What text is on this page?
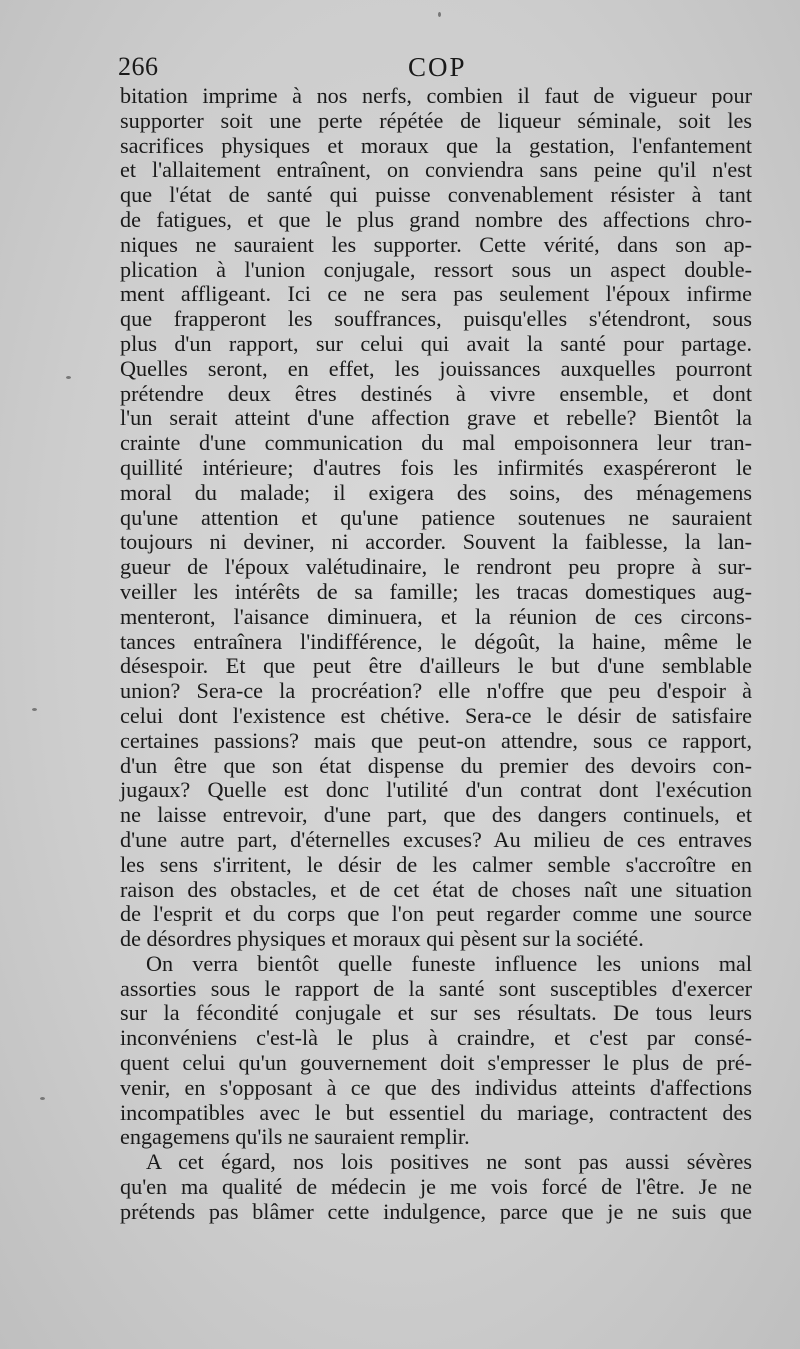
266	COP
bitation imprime à nos nerfs, combien il faut de vigueur pour
supporter soit une perte répétée de liqueur séminale, soit les
sacrifices physiques et moraux que la gestation, l'enfantement
et l'allaitement entraînent, on conviendra sans peine qu'il n'est
que l'état de santé qui puisse convenablement résister à tant
de fatigues, et que le plus grand nombre des affections chro-
niques ne sauraient les supporter. Cette vérité, dans son ap-
plication à l'union conjugale, ressort sous un aspect double-
ment affligeant. Ici ce ne sera pas seulement l'époux infirme
que frapperont les souffrances, puisqu'elles s'étendront, sous
plus d'un rapport, sur celui qui avait la santé pour partage.
Quelles seront, en effet, les jouissances auxquelles pourront
prétendre deux êtres destinés à vivre ensemble, et dont
l'un serait atteint d'une affection grave et rebelle? Bientôt la
crainte d'une communication du mal empoisonnera leur tran-
quillité intérieure; d'autres fois les infirmités exaspéreront le
moral du malade; il exigera des soins, des ménagemens
qu'une attention et qu'une patience soutenues ne sauraient
toujours ni deviner, ni accorder. Souvent la faiblesse, la lan-
gueur de l'époux valétudinaire, le rendront peu propre à sur-
veiller les intérêts de sa famille; les tracas domestiques aug-
menteront, l'aisance diminuera, et la réunion de ces circons-
tances entraînera l'indifférence, le dégoût, la haine, même le
désespoir. Et que peut être d'ailleurs le but d'une semblable
union? Sera-ce la procréation? elle n'offre que peu d'espoir à
celui dont l'existence est chétive. Sera-ce le désir de satisfaire
certaines passions? mais que peut-on attendre, sous ce rapport,
d'un être que son état dispense du premier des devoirs con-
jugaux? Quelle est donc l'utilité d'un contrat dont l'exécution
ne laisse entrevoir, d'une part, que des dangers continuels, et
d'une autre part, d'éternelles excuses? Au milieu de ces entraves
les sens s'irritent, le désir de les calmer semble s'accroître en
raison des obstacles, et de cet état de choses naît une situation
de l'esprit et du corps que l'on peut regarder comme une source
de désordres physiques et moraux qui pèsent sur la société.
On verra bientôt quelle funeste influence les unions mal
assorties sous le rapport de la santé sont susceptibles d'exercer
sur la fécondité conjugale et sur ses résultats. De tous leurs
inconvéniens c'est-là le plus à craindre, et c'est par consé-
quent celui qu'un gouvernement doit s'empresser le plus de pré-
venir, en s'opposant à ce que des individus atteints d'affections
incompatibles avec le but essentiel du mariage, contractent des
engagemens qu'ils ne sauraient remplir.
A cet égard, nos lois positives ne sont pas aussi sévères
qu'en ma qualité de médecin je me vois forcé de l'être. Je ne
prétends pas blâmer cette indulgence, parce que je ne suis que
